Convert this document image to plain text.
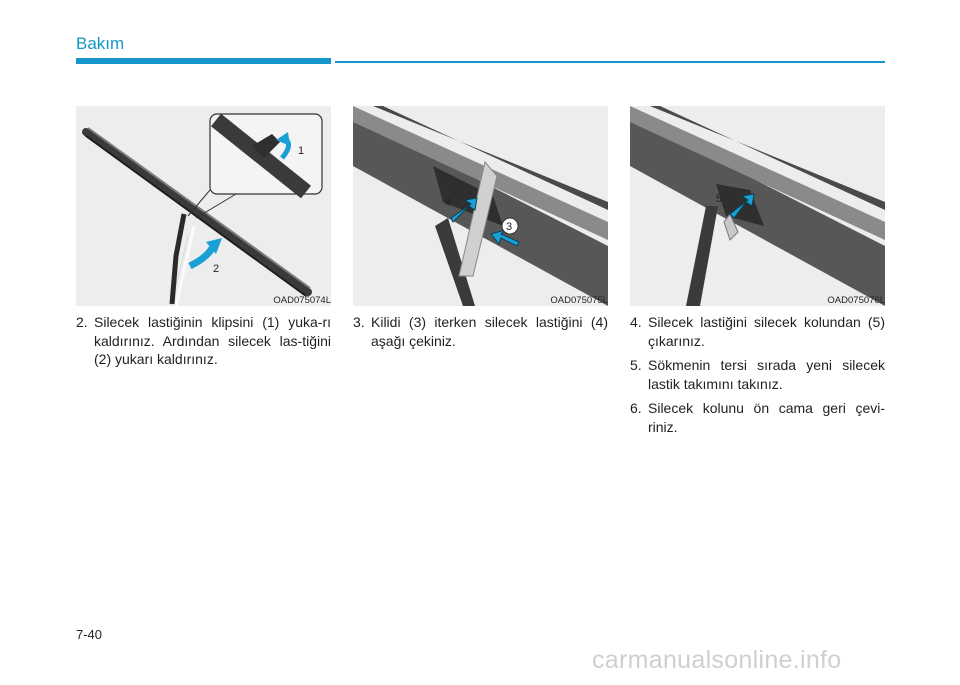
Bakım
1
2
OAD075074L
4
3
OAD075075L
5
OAD075076L
2. Silecek lastiğinin klipsini (1) yuka-rı kaldırınız. Ardından silecek las-tiğini (2) yukarı kaldırınız.
3. Kilidi (3) iterken silecek lastiğini (4) aşağı çekiniz.
4. Silecek lastiğini silecek kolundan (5) çıkarınız.
5. Sökmenin tersi sırada yeni silecek lastik takımını takınız.
6. Silecek kolunu ön cama geri çevi-riniz.
7-40
carmanualsonline.info
